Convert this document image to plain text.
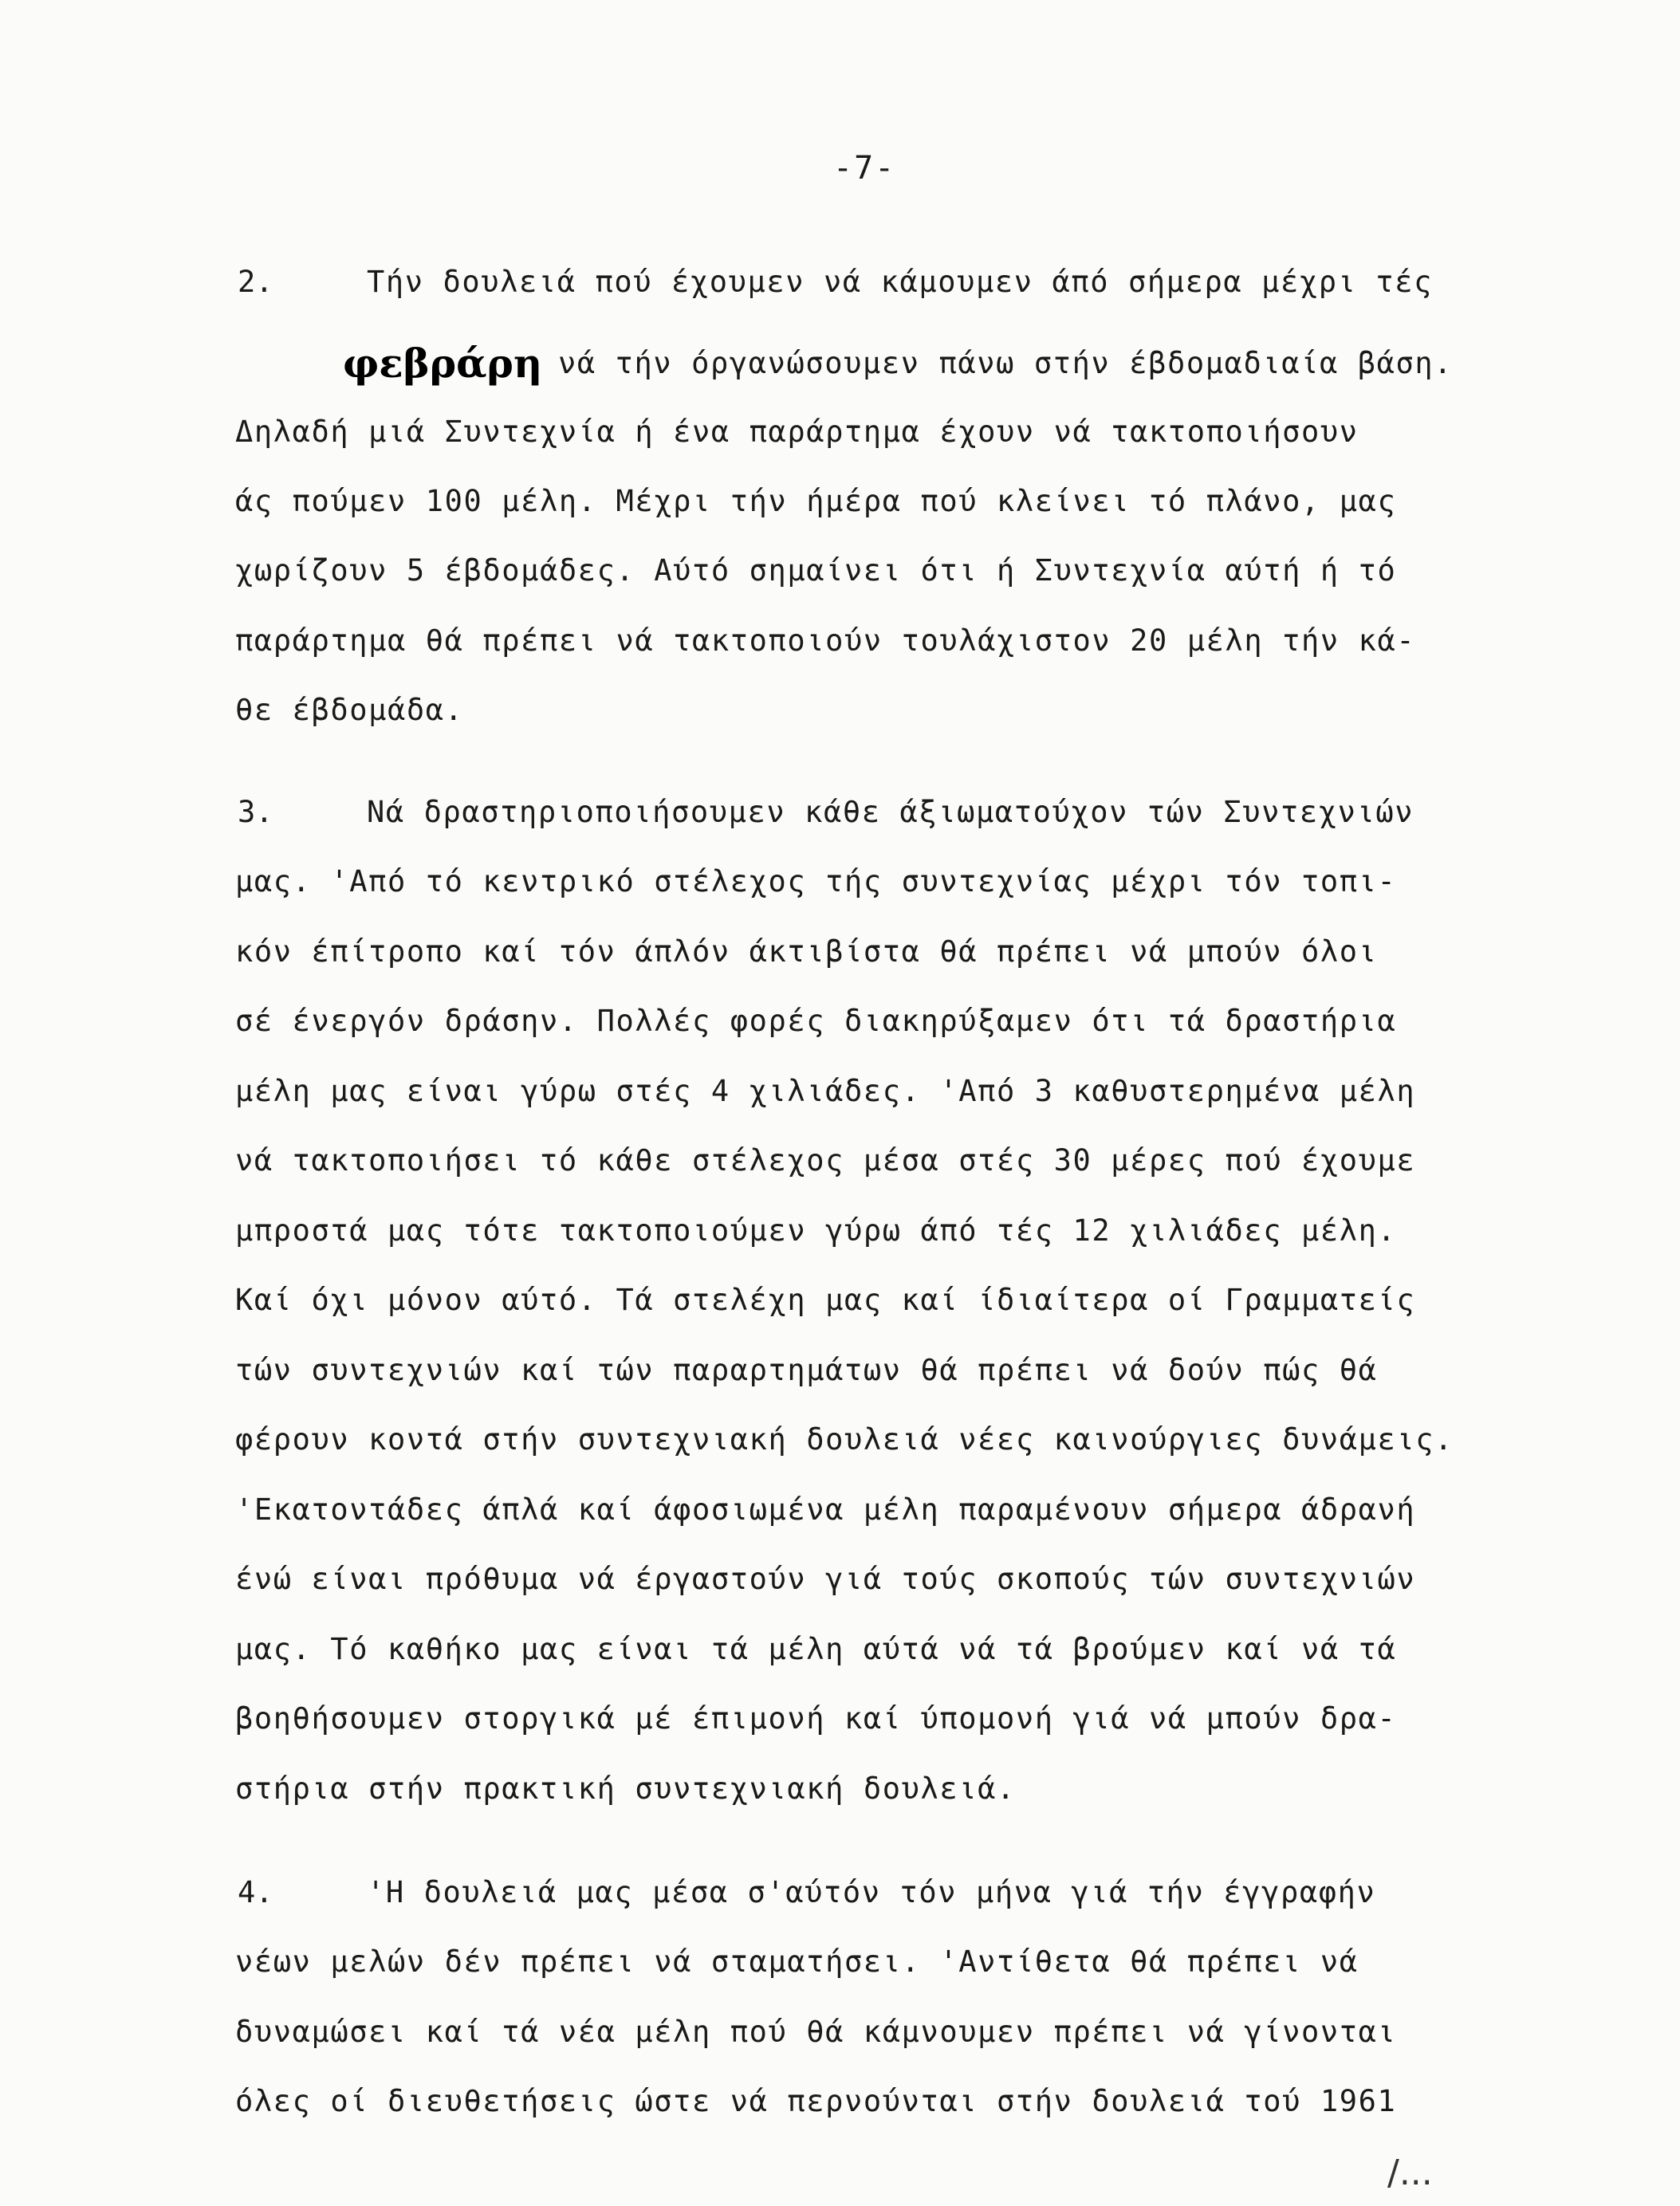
-7-
2.	Τήν δουλειά πού έχουμεν νά κάμουμεν άπό σήμερα μέχρι τές
φεβράρη νά τήν όργανώσουμεν πάνω στήν έβδομαδιαία βάση.
Δηλαδή μιά Συντεχνία ή ένα παράρτημα έχουν νά τακτοποιήσουν
άς πούμεν 100 μέλη. Μέχρι τήν ήμέρα πού κλείνει τό πλάνο, μας
χωρίζουν 5 έβδομάδες. Αύτό σημαίνει ότι ή Συντεχνία αύτή ή τό
παράρτημα θά πρέπει νά τακτοποιούν τουλάχιστον 20 μέλη τήν κά-
θε έβδομάδα.
3.	Νά δραστηριοποιήσουμεν κάθε άξιωματούχον τών Συντεχνιών
μας. 'Από τό κεντρικό στέλεχος τής συντεχνίας μέχρι τόν τοπι-
κόν έπίτροπο καί τόν άπλόν άκτιβίστα θά πρέπει νά μπούν όλοι
σέ ένεργόν δράσην. Πολλές φορές διακηρύξαμεν ότι τά δραστήρια
μέλη μας είναι γύρω στές 4 χιλιάδες. 'Από 3 καθυστερημένα μέλη
νά τακτοποιήσει τό κάθε στέλεχος μέσα στές 30 μέρες πού έχουμε
μπροστά μας τότε τακτοποιούμεν γύρω άπό τές 12 χιλιάδες μέλη.
Καί όχι μόνον αύτό. Τά στελέχη μας καί ίδιαίτερα οί Γραμματείς
τών συντεχνιών καί τών παραρτημάτων θά πρέπει νά δούν πώς θά
φέρουν κοντά στήν συντεχνιακή δουλειά νέες καινούργιες δυνάμεις.
'Εκατοντάδες άπλά καί άφοσιωμένα μέλη παραμένουν σήμερα άδρανή
ένώ είναι πρόθυμα νά έργαστούν γιά τούς σκοπούς τών συντεχνιών
μας. Τό καθήκο μας είναι τά μέλη αύτά νά τά βρούμεν καί νά τά
βοηθήσουμεν στοργικά μέ έπιμονή καί ύπομονή γιά νά μπούν δρα-
στήρια στήν πρακτική συντεχνιακή δουλειά.
4.	'Η δουλειά μας μέσα σ'αύτόν τόν μήνα γιά τήν έγγραφήν
νέων μελών δέν πρέπει νά σταματήσει. 'Αντίθετα θά πρέπει νά
δυναμώσει καί τά νέα μέλη πού θά κάμνουμεν πρέπει νά γίνονται
όλες οί διευθετήσεις ώστε νά περνούνται στήν δουλειά τού 1961
/...
